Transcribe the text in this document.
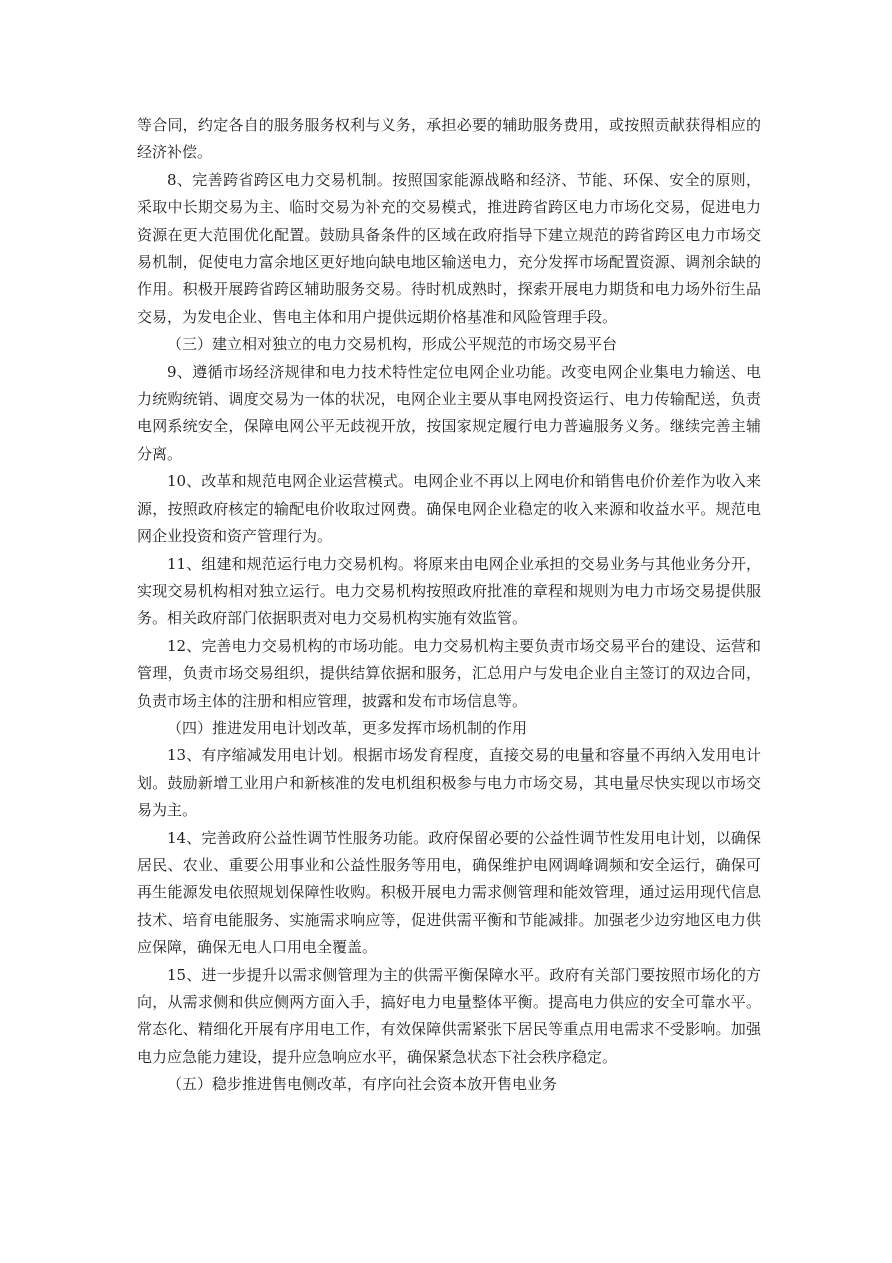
等合同，约定各自的服务服务权利与义务，承担必要的辅助服务费用，或按照贡献获得相应的经济补偿。

8、完善跨省跨区电力交易机制。按照国家能源战略和经济、节能、环保、安全的原则，采取中长期交易为主、临时交易为补充的交易模式，推进跨省跨区电力市场化交易，促进电力资源在更大范围优化配置。鼓励具备条件的区域在政府指导下建立规范的跨省跨区电力市场交易机制，促使电力富余地区更好地向缺电地区输送电力，充分发挥市场配置资源、调剂余缺的作用。积极开展跨省跨区辅助服务交易。待时机成熟时，探索开展电力期货和电力场外衍生品交易，为发电企业、售电主体和用户提供远期价格基准和风险管理手段。

（三）建立相对独立的电力交易机构，形成公平规范的市场交易平台

9、遵循市场经济规律和电力技术特性定位电网企业功能。改变电网企业集电力输送、电力统购统销、调度交易为一体的状况，电网企业主要从事电网投资运行、电力传输配送，负责电网系统安全，保障电网公平无歧视开放，按国家规定履行电力普遍服务义务。继续完善主辅分离。

10、改革和规范电网企业运营模式。电网企业不再以上网电价和销售电价价差作为收入来源，按照政府核定的输配电价收取过网费。确保电网企业稳定的收入来源和收益水平。规范电网企业投资和资产管理行为。

11、组建和规范运行电力交易机构。将原来由电网企业承担的交易业务与其他业务分开，实现交易机构相对独立运行。电力交易机构按照政府批准的章程和规则为电力市场交易提供服务。相关政府部门依据职责对电力交易机构实施有效监管。

12、完善电力交易机构的市场功能。电力交易机构主要负责市场交易平台的建设、运营和管理，负责市场交易组织，提供结算依据和服务，汇总用户与发电企业自主签订的双边合同，负责市场主体的注册和相应管理，披露和发布市场信息等。

（四）推进发用电计划改革，更多发挥市场机制的作用

13、有序缩减发用电计划。根据市场发育程度，直接交易的电量和容量不再纳入发用电计划。鼓励新增工业用户和新核准的发电机组积极参与电力市场交易，其电量尽快实现以市场交易为主。

14、完善政府公益性调节性服务功能。政府保留必要的公益性调节性发用电计划，以确保居民、农业、重要公用事业和公益性服务等用电，确保维护电网调峰调频和安全运行，确保可再生能源发电依照规划保障性收购。积极开展电力需求侧管理和能效管理，通过运用现代信息技术、培育电能服务、实施需求响应等，促进供需平衡和节能减排。加强老少边穷地区电力供应保障，确保无电人口用电全覆盖。

15、进一步提升以需求侧管理为主的供需平衡保障水平。政府有关部门要按照市场化的方向，从需求侧和供应侧两方面入手，搞好电力电量整体平衡。提高电力供应的安全可靠水平。常态化、精细化开展有序用电工作，有效保障供需紧张下居民等重点用电需求不受影响。加强电力应急能力建设，提升应急响应水平，确保紧急状态下社会秩序稳定。

（五）稳步推进售电侧改革，有序向社会资本放开售电业务
